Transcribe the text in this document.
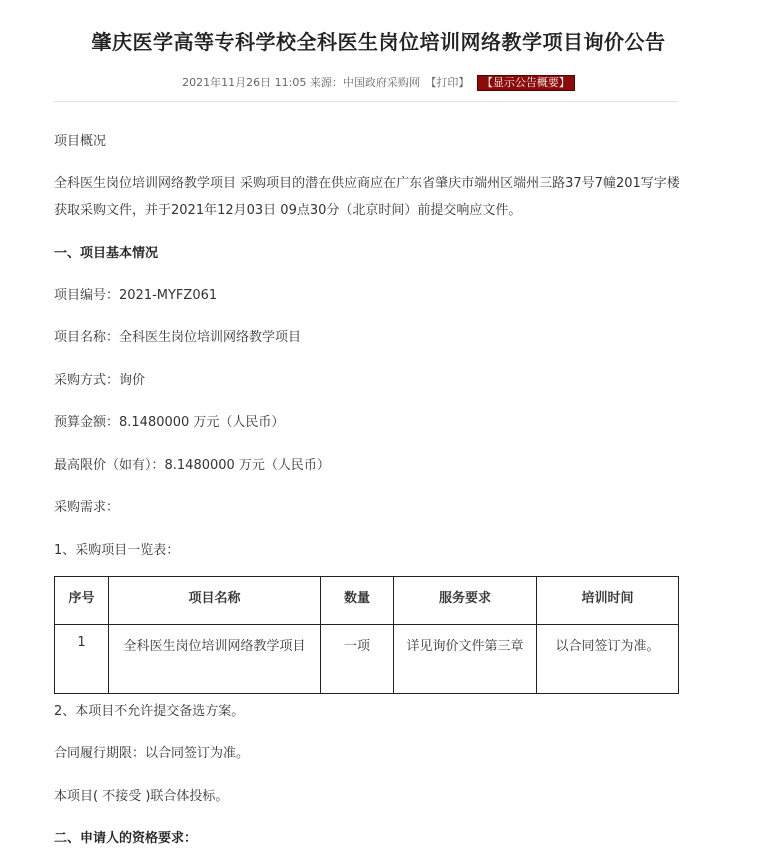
肇庆医学高等专科学校全科医生岗位培训网络教学项目询价公告
2021年11月26日 11:05 来源：中国政府采购网 【打印】 【显示公告概要】
项目概况
全科医生岗位培训网络教学项目 采购项目的潜在供应商应在广东省肇庆市端州区端州三路37号7幢201写字楼
获取采购文件，并于2021年12月03日 09点30分（北京时间）前提交响应文件。
一、项目基本情况
项目编号：2021-MYFZ061
项目名称：全科医生岗位培训网络教学项目
采购方式：询价
预算金额：8.1480000 万元（人民币）
最高限价（如有）：8.1480000 万元（人民币）
采购需求：
1、采购项目一览表：
序号	项目名称	数量	服务要求	培训时间
1	全科医生岗位培训网络教学项目	一项	详见询价文件第三章	以合同签订为准。
2、本项目不允许提交备选方案。
合同履行期限：以合同签订为准。
本项目( 不接受 )联合体投标。
二、申请人的资格要求：
